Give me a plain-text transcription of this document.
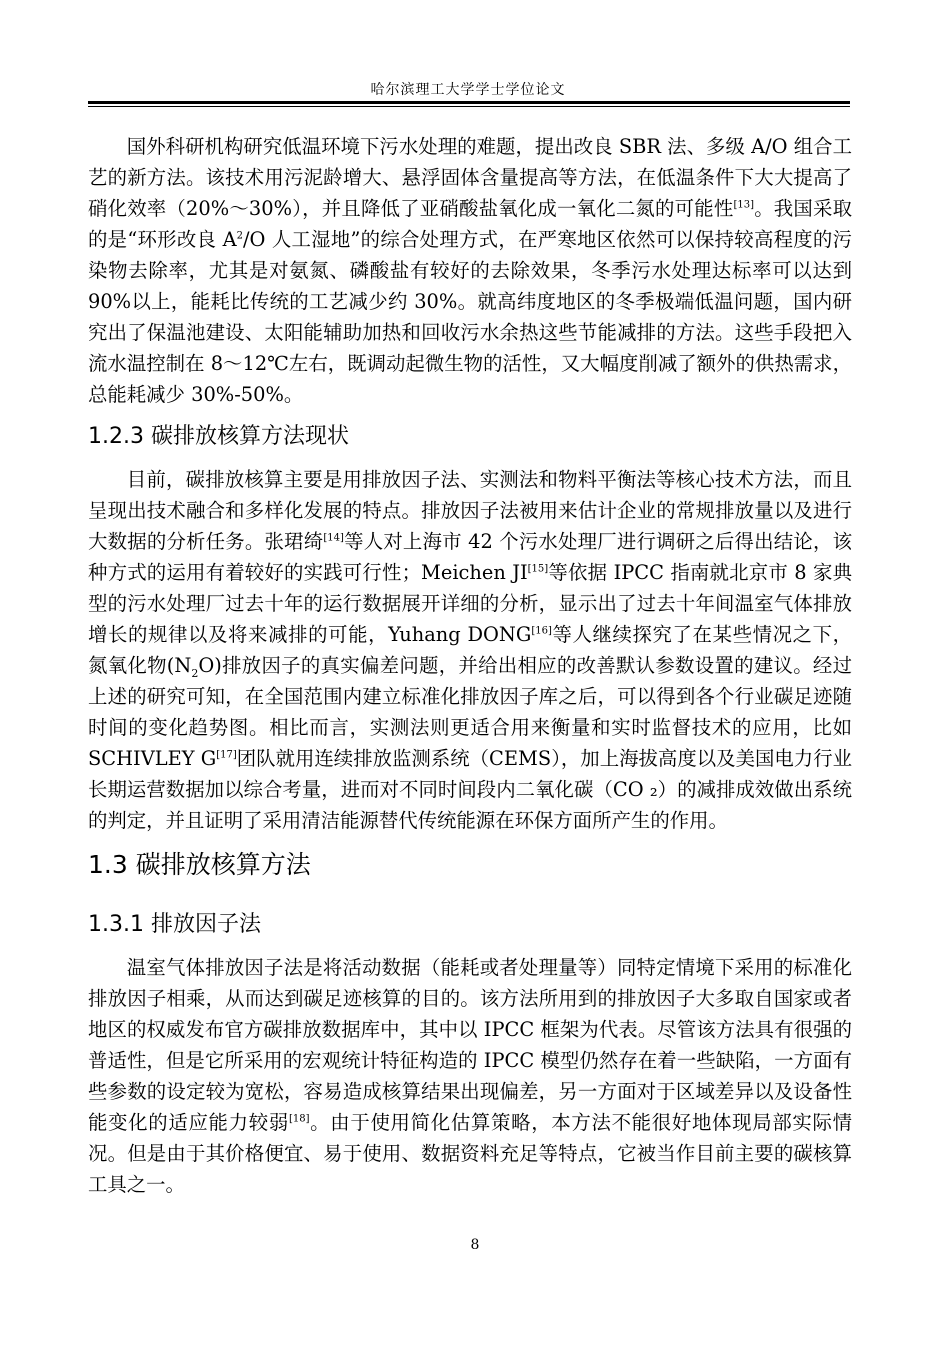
哈尔滨理工大学学士学位论文

国外科研机构研究低温环境下污水处理的难题，提出改良 SBR 法、多级 A/O 组合工艺的新方法。该技术用污泥龄增大、悬浮固体含量提高等方法，在低温条件下大大提高了硝化效率（20%～30%），并且降低了亚硝酸盐氧化成一氧化二氮的可能性[13]。我国采取的是“环形改良 $A^2/O$ 人工湿地”的综合处理方式，在严寒地区依然可以保持较高程度的污染物去除率，尤其是对氨氮、磷酸盐有较好的去除效果，冬季污水处理达标率可以达到 90%以上，能耗比传统的工艺减少约 30%。就高纬度地区的冬季极端低温问题，国内研究出了保温池建设、太阳能辅助加热和回收污水余热这些节能减排的方法。这些手段把入流水温控制在 8～12℃左右，既调动起微生物的活性，又大幅度削减了额外的供热需求，总能耗减少 30%-50%。

1.2.3 碳排放核算方法现状

目前，碳排放核算主要是用排放因子法、实测法和物料平衡法等核心技术方法，而且呈现出技术融合和多样化发展的特点。排放因子法被用来估计企业的常规排放量以及进行大数据的分析任务。张珺绮[14]等人对上海市 42 个污水处理厂进行调研之后得出结论，该种方式的运用有着较好的实践可行性；Meichen JI[15]等依据 IPCC 指南就北京市 8 家典型的污水处理厂过去十年的运行数据展开详细的分析，显示出了过去十年间温室气体排放增长的规律以及将来减排的可能，Yuhang DONG[16]等人继续探究了在某些情况之下，氮氧化物$(N_2O)$排放因子的真实偏差问题，并给出相应的改善默认参数设置的建议。经过上述的研究可知，在全国范围内建立标准化排放因子库之后，可以得到各个行业碳足迹随时间的变化趋势图。相比而言，实测法则更适合用来衡量和实时监督技术的应用，比如 SCHIVLEY G[17]团队就用连续排放监测系统（CEMS），加上海拔高度以及美国电力行业长期运营数据加以综合考量，进而对不同时间段内二氧化碳（CO ₂）的减排成效做出系统的判定，并且证明了采用清洁能源替代传统能源在环保方面所产生的作用。

1.3 碳排放核算方法
1.3.1 排放因子法

温室气体排放因子法是将活动数据（能耗或者处理量等）同特定情境下采用的标准化排放因子相乘，从而达到碳足迹核算的目的。该方法所用到的排放因子大多取自国家或者地区的权威发布官方碳排放数据库中，其中以 IPCC 框架为代表。尽管该方法具有很强的普适性，但是它所采用的宏观统计特征构造的 IPCC 模型仍然存在着一些缺陷，一方面有些参数的设定较为宽松，容易造成核算结果出现偏差，另一方面对于区域差异以及设备性能变化的适应能力较弱[18]。由于使用简化估算策略，本方法不能很好地体现局部实际情况。但是由于其价格便宜、易于使用、数据资料充足等特点，它被当作目前主要的碳核算工具之一。

8
